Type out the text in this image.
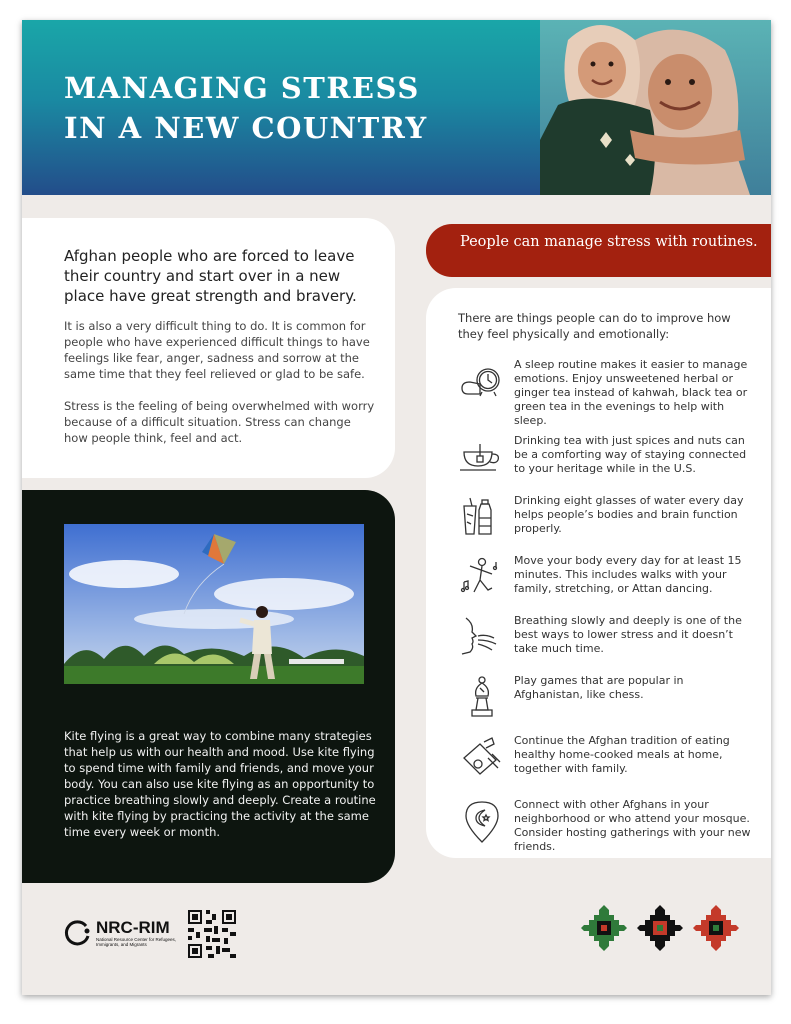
MANAGING STRESS
IN A NEW COUNTRY

Afghan people who are forced to leave their country and start over in a new place have great strength and bravery.

It is also a very difficult thing to do. It is common for people who have experienced difficult things to have feelings like fear, anger, sadness and sorrow at the same time that they feel relieved or glad to be safe.

Stress is the feeling of being overwhelmed with worry because of a difficult situation. Stress can change how people think, feel and act.

Kite flying is a great way to combine many strategies that help us with our health and mood. Use kite flying to spend time with family and friends, and move your body. You can also use kite flying as an opportunity to practice breathing slowly and deeply. Create a routine with kite flying by practicing the activity at the same time every week or month.

People can manage stress with routines.

There are things people can do to improve how they feel physically and emotionally:

A sleep routine makes it easier to manage emotions. Enjoy unsweetened herbal or ginger tea instead of kahwah, black tea or green tea in the evenings to help with sleep.

Drinking tea with just spices and nuts can be a comforting way of staying connected to your heritage while in the U.S.

Drinking eight glasses of water every day helps people’s bodies and brain function properly.

Move your body every day for at least 15 minutes. This includes walks with your family, stretching, or Attan dancing.

Breathing slowly and deeply is one of the best ways to lower stress and it doesn’t take much time.

Play games that are popular in Afghanistan, like chess.

Continue the Afghan tradition of eating healthy home-cooked meals at home, together with family.

Connect with other Afghans in your neighborhood or who attend your mosque. Consider hosting gatherings with your new friends.

NRC-RIM
National Resource Center for Refugees, Immigrants, and Migrants
